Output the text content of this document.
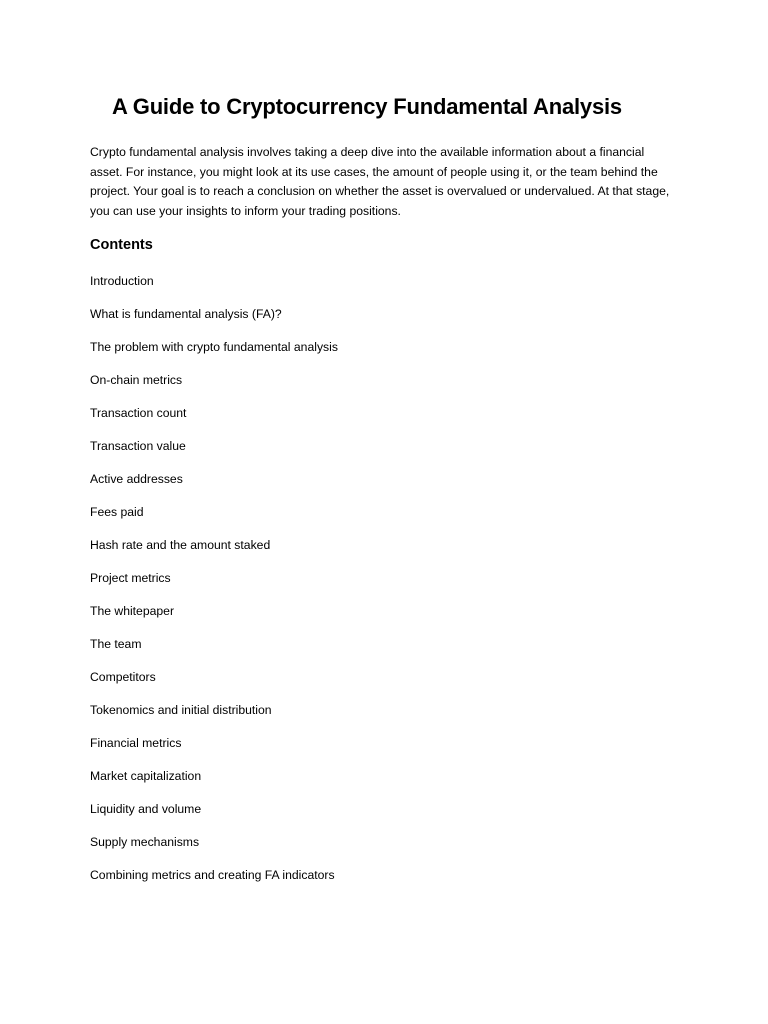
A Guide to Cryptocurrency Fundamental Analysis

Crypto fundamental analysis involves taking a deep dive into the available information about a financial asset. For instance, you might look at its use cases, the amount of people using it, or the team behind the project. Your goal is to reach a conclusion on whether the asset is overvalued or undervalued. At that stage, you can use your insights to inform your trading positions.

Contents
Introduction
What is fundamental analysis (FA)?
The problem with crypto fundamental analysis
On-chain metrics
Transaction count
Transaction value
Active addresses
Fees paid
Hash rate and the amount staked
Project metrics
The whitepaper
The team
Competitors
Tokenomics and initial distribution
Financial metrics
Market capitalization
Liquidity and volume
Supply mechanisms
Combining metrics and creating FA indicators
